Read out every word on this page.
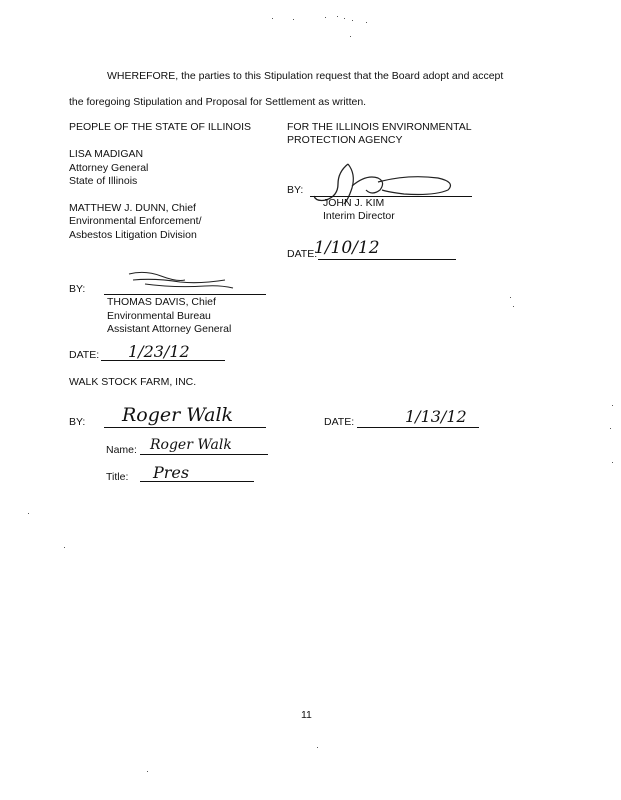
WHEREFORE, the parties to this Stipulation request that the Board adopt and accept
the foregoing Stipulation and Proposal for Settlement as written.
PEOPLE OF THE STATE OF ILLINOIS
LISA MADIGAN
Attorney General
State of Illinois
MATTHEW J. DUNN, Chief
Environmental Enforcement/
Asbestos Litigation Division
BY:
THOMAS DAVIS, Chief
Environmental Bureau
Assistant Attorney General
DATE: 1/23/12
FOR THE ILLINOIS ENVIRONMENTAL
PROTECTION AGENCY
BY:
JOHN J. KIM
Interim Director
DATE:
1/10/12
WALK STOCK FARM, INC.
BY: Roger Walk	DATE:	1/13/12
Name: Roger Walk
Title: Pres
11
